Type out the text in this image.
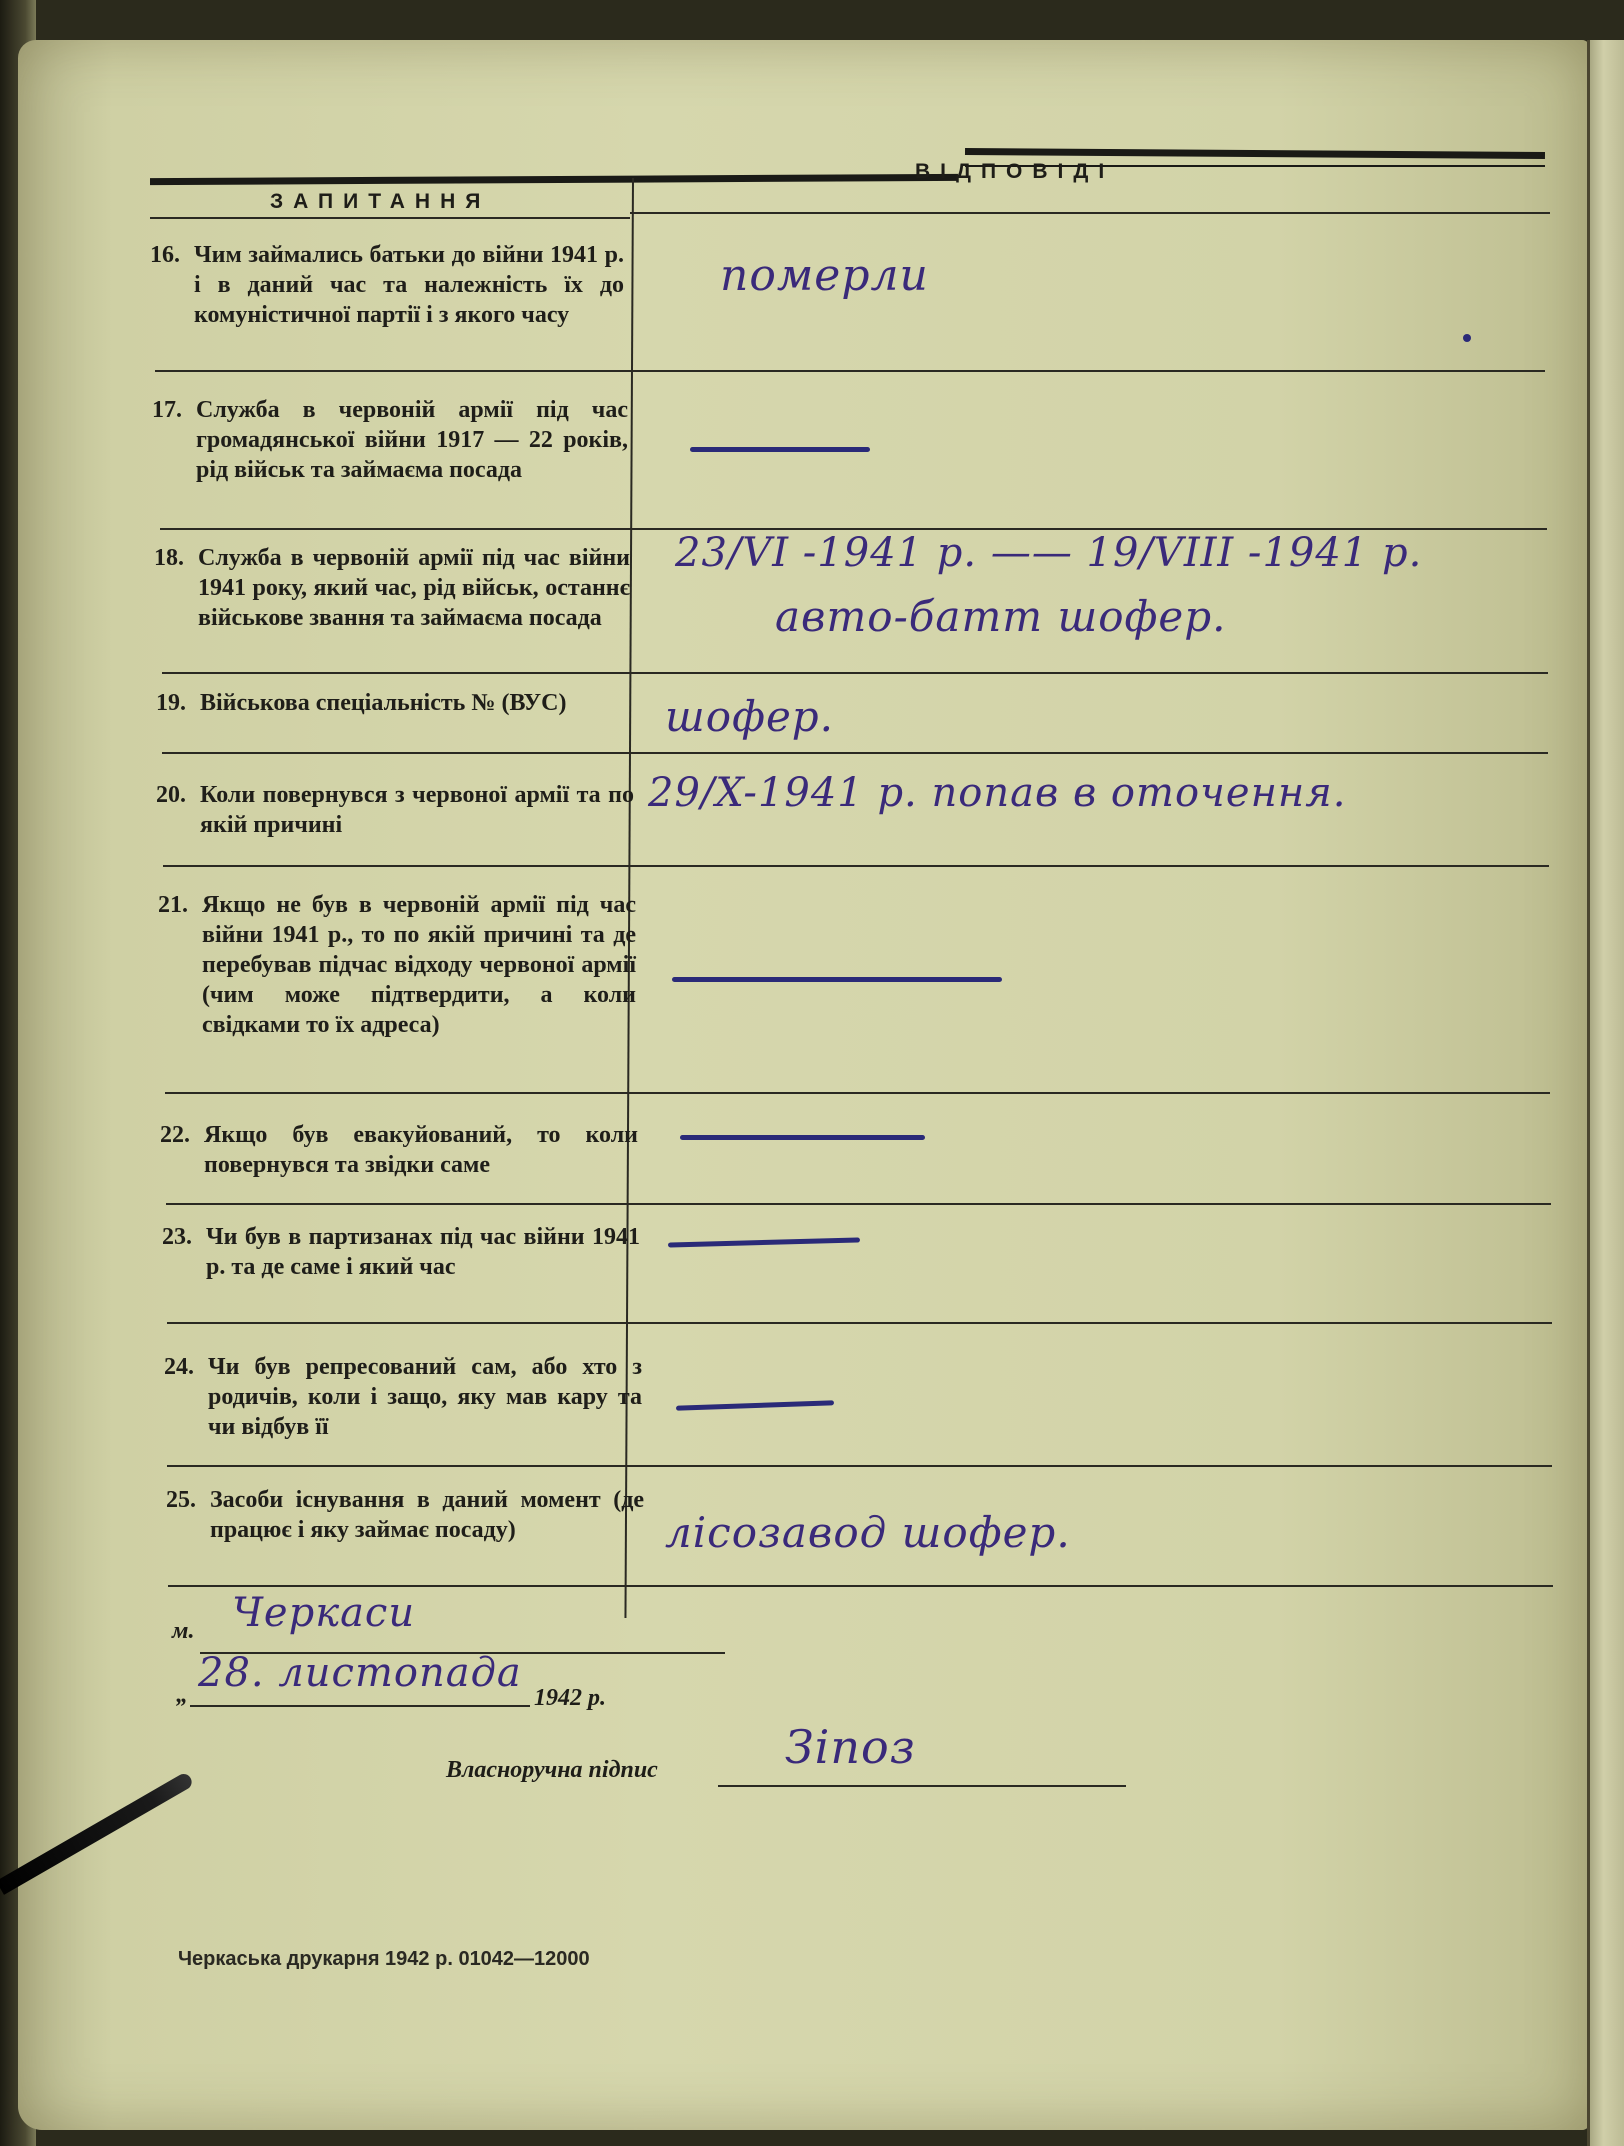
ЗАПИТАННЯ
ВІДПОВІДІ
16. Чим займались батьки до війни 1941 р. і в даний час та належність їх до комуністичної партії і з якого часу
17. Служба в червоній армії під час громадянської війни 1917 — 22 років, рід військ та займаєма посада
18. Служба в червоній армії під час війни 1941 року, який час, рід військ, останнє військове звання та займаєма посада
19. Військова спеціальність № (ВУС)
20. Коли повернувся з червоної армії та по якій причині
21. Якщо не був в червоній армії під час війни 1941 р., то по якій причині та де перебував підчас відходу червоної армії (чим може підтвердити, а коли свідками то їх адреса)
22. Якщо був евакуйований, то коли повернувся та звідки саме
23. Чи був в партизанах під час війни 1941 р. та де саме і який час
24. Чи був репресований сам, або хто з родичів, коли і защо, яку мав кару та чи відбув її
25. Засоби існування в даний момент (де працює і яку займає посаду)
померли
23/VI -1941 р. —— 19/VIII -1941 р.
авто-батт шофер.
шофер.
29/X-1941 р. попав в оточення.
лісозавод шофер.
м. Черкаси
„ 28. листопада
1942 р.
Власноручна підпис	Зіпоз
Черкаська друкарня 1942 р. 01042—12000
